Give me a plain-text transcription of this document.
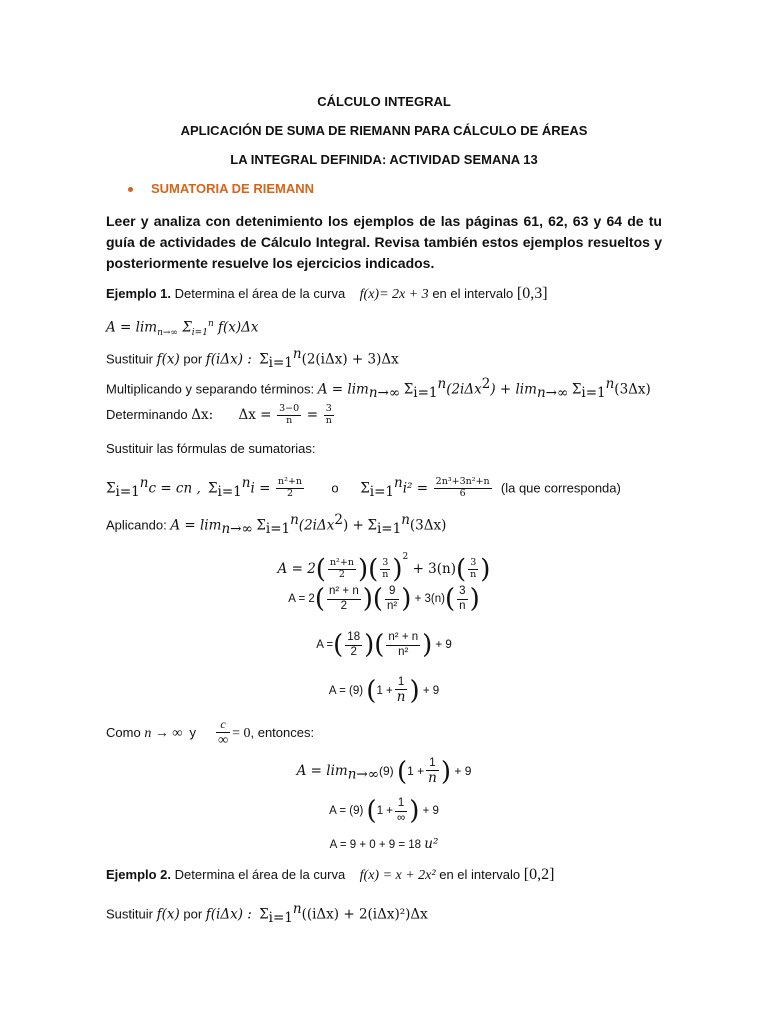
CÁLCULO INTEGRAL
APLICACIÓN DE SUMA DE RIEMANN PARA CÁLCULO DE ÁREAS
LA INTEGRAL DEFINIDA: ACTIVIDAD SEMANA 13
SUMATORIA DE RIEMANN
Leer y analiza con detenimiento los ejemplos de las páginas 61, 62, 63 y 64 de tu guía de actividades de Cálculo Integral. Revisa también estos ejemplos resueltos y posteriormente resuelve los ejercicios indicados.
Ejemplo 1. Determina el área de la curva f(x)= 2x + 3 en el intervalo [0,3]
$A = \lim_{n\to\infty} \Sigma_{i=1}^n$ f(x)Δx
Sustituir f(x) por f(iΔx) : $\Sigma_{i=1}^n(2(i\Delta x) + 3)\Delta x$
Multiplicando y separando términos: $A = \lim_{n\to\infty} \Sigma_{i=1}^n(2i\Delta x^2) + \lim_{n\to\infty} \Sigma_{i=1}^n(3\Delta x)$
Determinando Δx: $\Delta x = \frac{3-0}{n} = \frac{3}{n}$
Sustituir las fórmulas de sumatorias:
$\Sigma_{i=1}^nc$ = cn , $\Sigma_{i=1}^ni = \frac{\text{n²+n}}{2}$ o $\Sigma_{i=1}^ni^2 = \frac{\text{2n³+3n²+n}}{6} (la$ que corresponda)
Aplicando: $A = \lim_{n\to\infty} \Sigma_{i=1}^n(2i\Delta x^2) + \Sigma_{i=1}^n(3\Delta x)$
$A = 2( \frac{\text{n²+n}}{2}$ )( $\frac{3}{n} )^2 + 3(n)( \frac{3}{n}$ )
$A = 2( \frac{\text{n² + n}}{2}$ )( $\frac{9}{\text{n²}}$ ) + $3(n)( \frac{3}{n}$ )
A =( $\frac{18}{2}$ )( $\frac{\text{n² + n}}{\text{n²}}$ ) + 9
A = (9) ($1 + \frac{1}{n}$ ) + 9
Como n → ∞ y $\frac{c}{\infty} = 0$, entonces:
$A = \lim_{n\to\infty}(9) (1 + \frac{1}{n}$ ) + 9
A = (9) ($1 + \frac{1}{\infty}$ ) + 9
A = 9 + 0 + 9 = 18 u²
Ejemplo 2. Determina el área de la curva f(x) = x + 2x² en el intervalo [0,2]
Sustituir f(x) por f(iΔx) : $\Sigma_{i=1}^n((i\Delta x) + 2(i\Delta x)^2)\Delta x$
